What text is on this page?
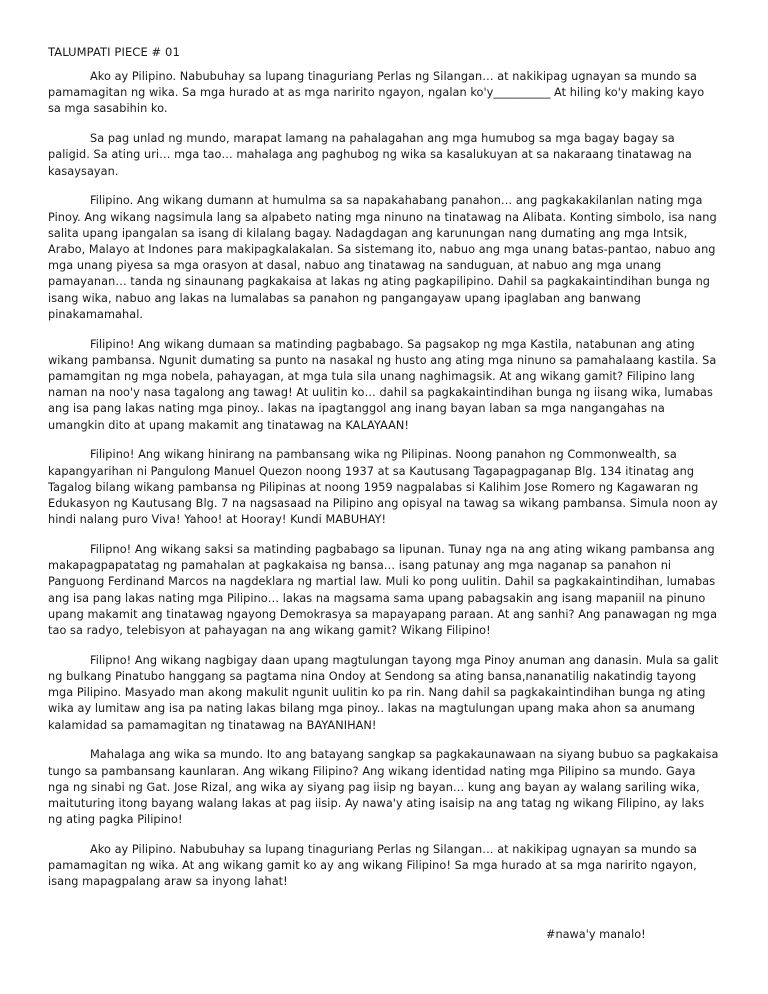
TALUMPATI PIECE # 01

Ako ay Pilipino. Nabubuhay sa lupang tinaguriang Perlas ng Silangan… at nakikipag ugnayan sa mundo sa pamamagitan ng wika. Sa mga hurado at as mga naririto ngayon, ngalan ko'y__________ At hiling ko'y making kayo sa mga sasabihin ko.

Sa pag unlad ng mundo, marapat lamang na pahalagahan ang mga humubog sa mga bagay bagay sa paligid. Sa ating uri… mga tao… mahalaga ang paghubog ng wika sa kasalukuyan at sa nakaraang tinatawag na kasaysayan.

Filipino. Ang wikang dumann at humulma sa sa napakahabang panahon… ang pagkakakilanlan nating mga Pinoy. Ang wikang nagsimula lang sa alpabeto nating mga ninuno na tinatawag na Alibata. Konting simbolo, isa nang salita upang ipangalan sa isang di kilalang bagay. Nadagdagan ang karunungan nang dumating ang mga Intsik, Arabo, Malayo at Indones para makipagkalakalan. Sa sistemang ito, nabuo ang mga unang batas-pantao, nabuo ang mga unang piyesa sa mga orasyon at dasal, nabuo ang tinatawag na sanduguan, at nabuo ang mga unang pamayanan… tanda ng sinaunang pagkakaisa at lakas ng ating pagkapilipino. Dahil sa pagkakaintindihan bunga ng isang wika, nabuo ang lakas na lumalabas sa panahon ng pangangayaw upang ipaglaban ang banwang pinakamamahal.

Filipino! Ang wikang dumaan sa matinding pagbabago. Sa pagsakop ng mga Kastila, natabunan ang ating wikang pambansa. Ngunit dumating sa punto na nasakal ng husto ang ating mga ninuno sa pamahalaang kastila. Sa pamamgitan ng mga nobela, pahayagan, at mga tula sila unang naghimagsik. At ang wikang gamit? Filipino lang naman na noo'y nasa tagalong ang tawag! At uulitin ko… dahil sa pagkakaintindihan bunga ng iisang wika, lumabas ang isa pang lakas nating mga pinoy.. lakas na ipagtanggol ang inang bayan laban sa mga nangangahas na umangkin dito at upang makamit ang tinatawag na KALAYAAN!

Filipino! Ang wikang hinirang na pambansang wika ng Pilipinas. Noong panahon ng Commonwealth, sa kapangyarihan ni Pangulong Manuel Quezon noong 1937 at sa Kautusang Tagapagpaganap Blg. 134 itinatag ang Tagalog bilang wikang pambansa ng Pilipinas at noong 1959 nagpalabas si Kalihim Jose Romero ng Kagawaran ng Edukasyon ng Kautusang Blg. 7 na nagsasaad na Pilipino ang opisyal na tawag sa wikang pambansa. Simula noon ay hindi nalang puro Viva! Yahoo! at Hooray! Kundi MABUHAY!

Filipno! Ang wikang saksi sa matinding pagbabago sa lipunan. Tunay nga na ang ating wikang pambansa ang makapagpapatatag ng pamahalan at pagkakaisa ng bansa… isang patunay ang mga naganap sa panahon ni Panguong Ferdinand Marcos na nagdeklara ng martial law. Muli ko pong uulitin. Dahil sa pagkakaintindihan, lumabas ang isa pang lakas nating mga Pilipino… lakas na magsama sama upang pabagsakin ang isang mapaniil na pinuno upang makamit ang tinatawag ngayong Demokrasya sa mapayapang paraan. At ang sanhi? Ang panawagan ng mga tao sa radyo, telebisyon at pahayagan na ang wikang gamit? Wikang Filipino!

Filipno! Ang wikang nagbigay daan upang magtulungan tayong mga Pinoy anuman ang danasin. Mula sa galit ng bulkang Pinatubo hanggang sa pagtama nina Ondoy at Sendong sa ating bansa,nananatilig nakatindig tayong mga Pilipino. Masyado man akong makulit ngunit uulitin ko pa rin. Nang dahil sa pagkakaintindihan bunga ng ating wika ay lumitaw ang isa pa nating lakas bilang mga pinoy.. lakas na magtulungan upang maka ahon sa anumang kalamidad sa pamamagitan ng tinatawag na BAYANIHAN!

Mahalaga ang wika sa mundo. Ito ang batayang sangkap sa pagkakaunawaan na siyang bubuo sa pagkakaisa tungo sa pambansang kaunlaran. Ang wikang Filipino? Ang wikang identidad nating mga Pilipino sa mundo. Gaya nga ng sinabi ng Gat. Jose Rizal, ang wika ay siyang pag iisip ng bayan… kung ang bayan ay walang sariling wika, maituturing itong bayang walang lakas at pag iisip. Ay nawa'y ating isaisip na ang tatag ng wikang Filipino, ay laks ng ating pagka Pilipino!

Ako ay Pilipino. Nabubuhay sa lupang tinaguriang Perlas ng Silangan… at nakikipag ugnayan sa mundo sa pamamagitan ng wika. At ang wikang gamit ko ay ang wikang Filipino! Sa mga hurado at sa mga naririto ngayon, isang mapagpalang araw sa inyong lahat!

#nawa'y manalo!
